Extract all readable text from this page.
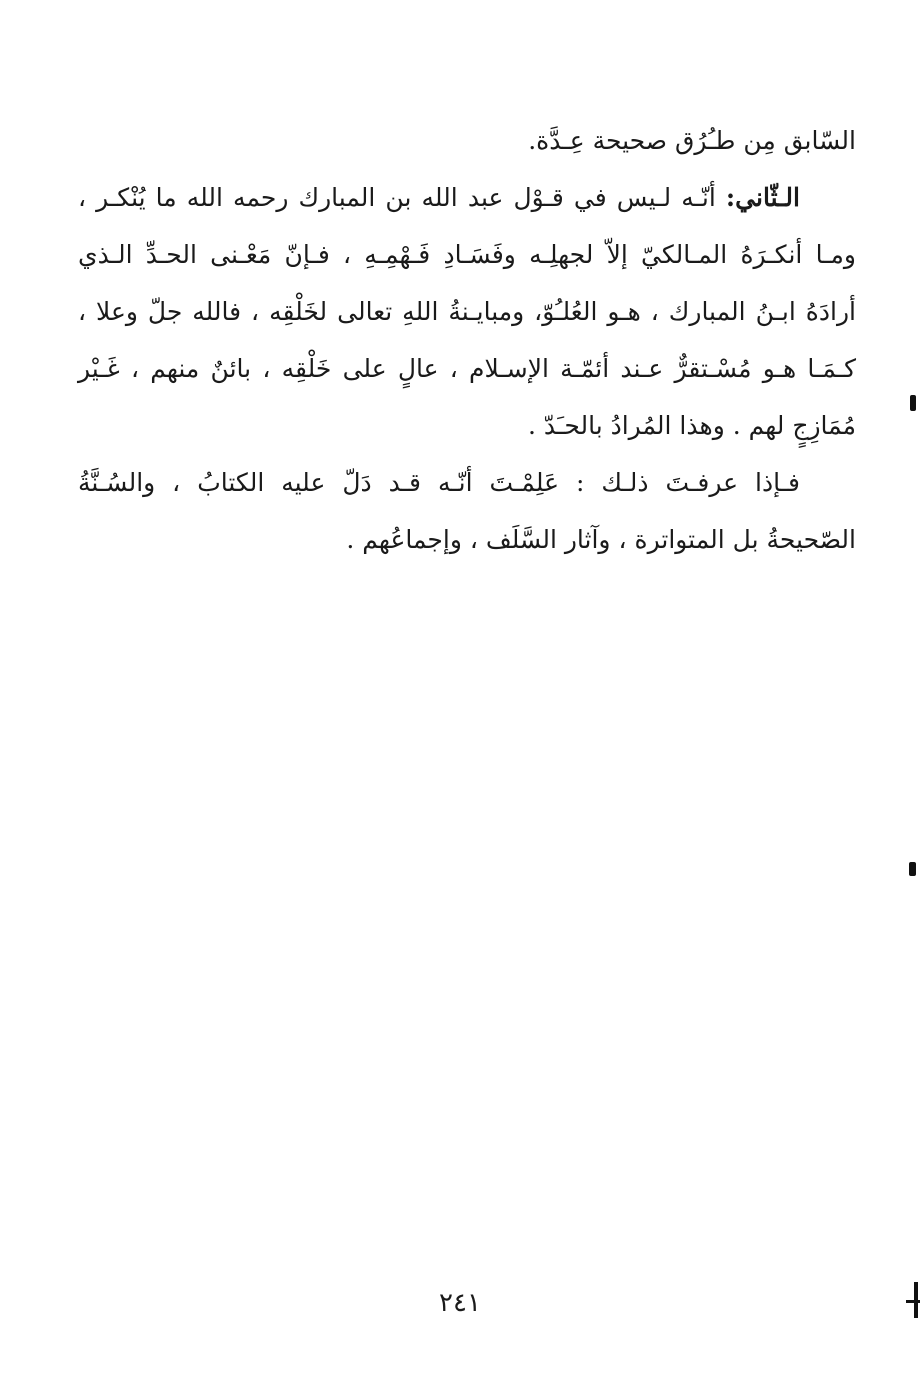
السّابق مِن طـُرُق صحيحة عِـدَّة.
الـثّاني: أنّـه لـيس في قـوْل عبد الله بن المبارك رحمه الله ما يُنْكـر ،
ومـا أنكـرَهُ المـالكيّ إلاّ لجهلِـه وفَسَـادِ فَـهْمِـهِ ، فـإنّ مَعْـنى الحـدِّ الـذي
أرادَهُ ابـنُ المبارك ، هـو العُلـُوّ، ومبايـنةُ اللهِ تعالى لخَلْقِه ، فالله جلّ وعلا ،
كـمَـا هـو مُسْـتقرٌّ عـند أئمّـة الإسـلام ، عالٍ على خَلْقِه ، بائنٌ منهم ، غَـيْر
مُمَازِجٍ لهم . وهذا المُرادُ بالحـَدّ .
فـإذا عرفـتَ ذلـك : عَلِمْـتَ أنّـه قـد دَلّ عليه الكتابُ ، والسُـنَّةُ
الصّحيحةُ بل المتواترة ، وآثار السَّلَف ، وإجماعُهم .
٢٤١
